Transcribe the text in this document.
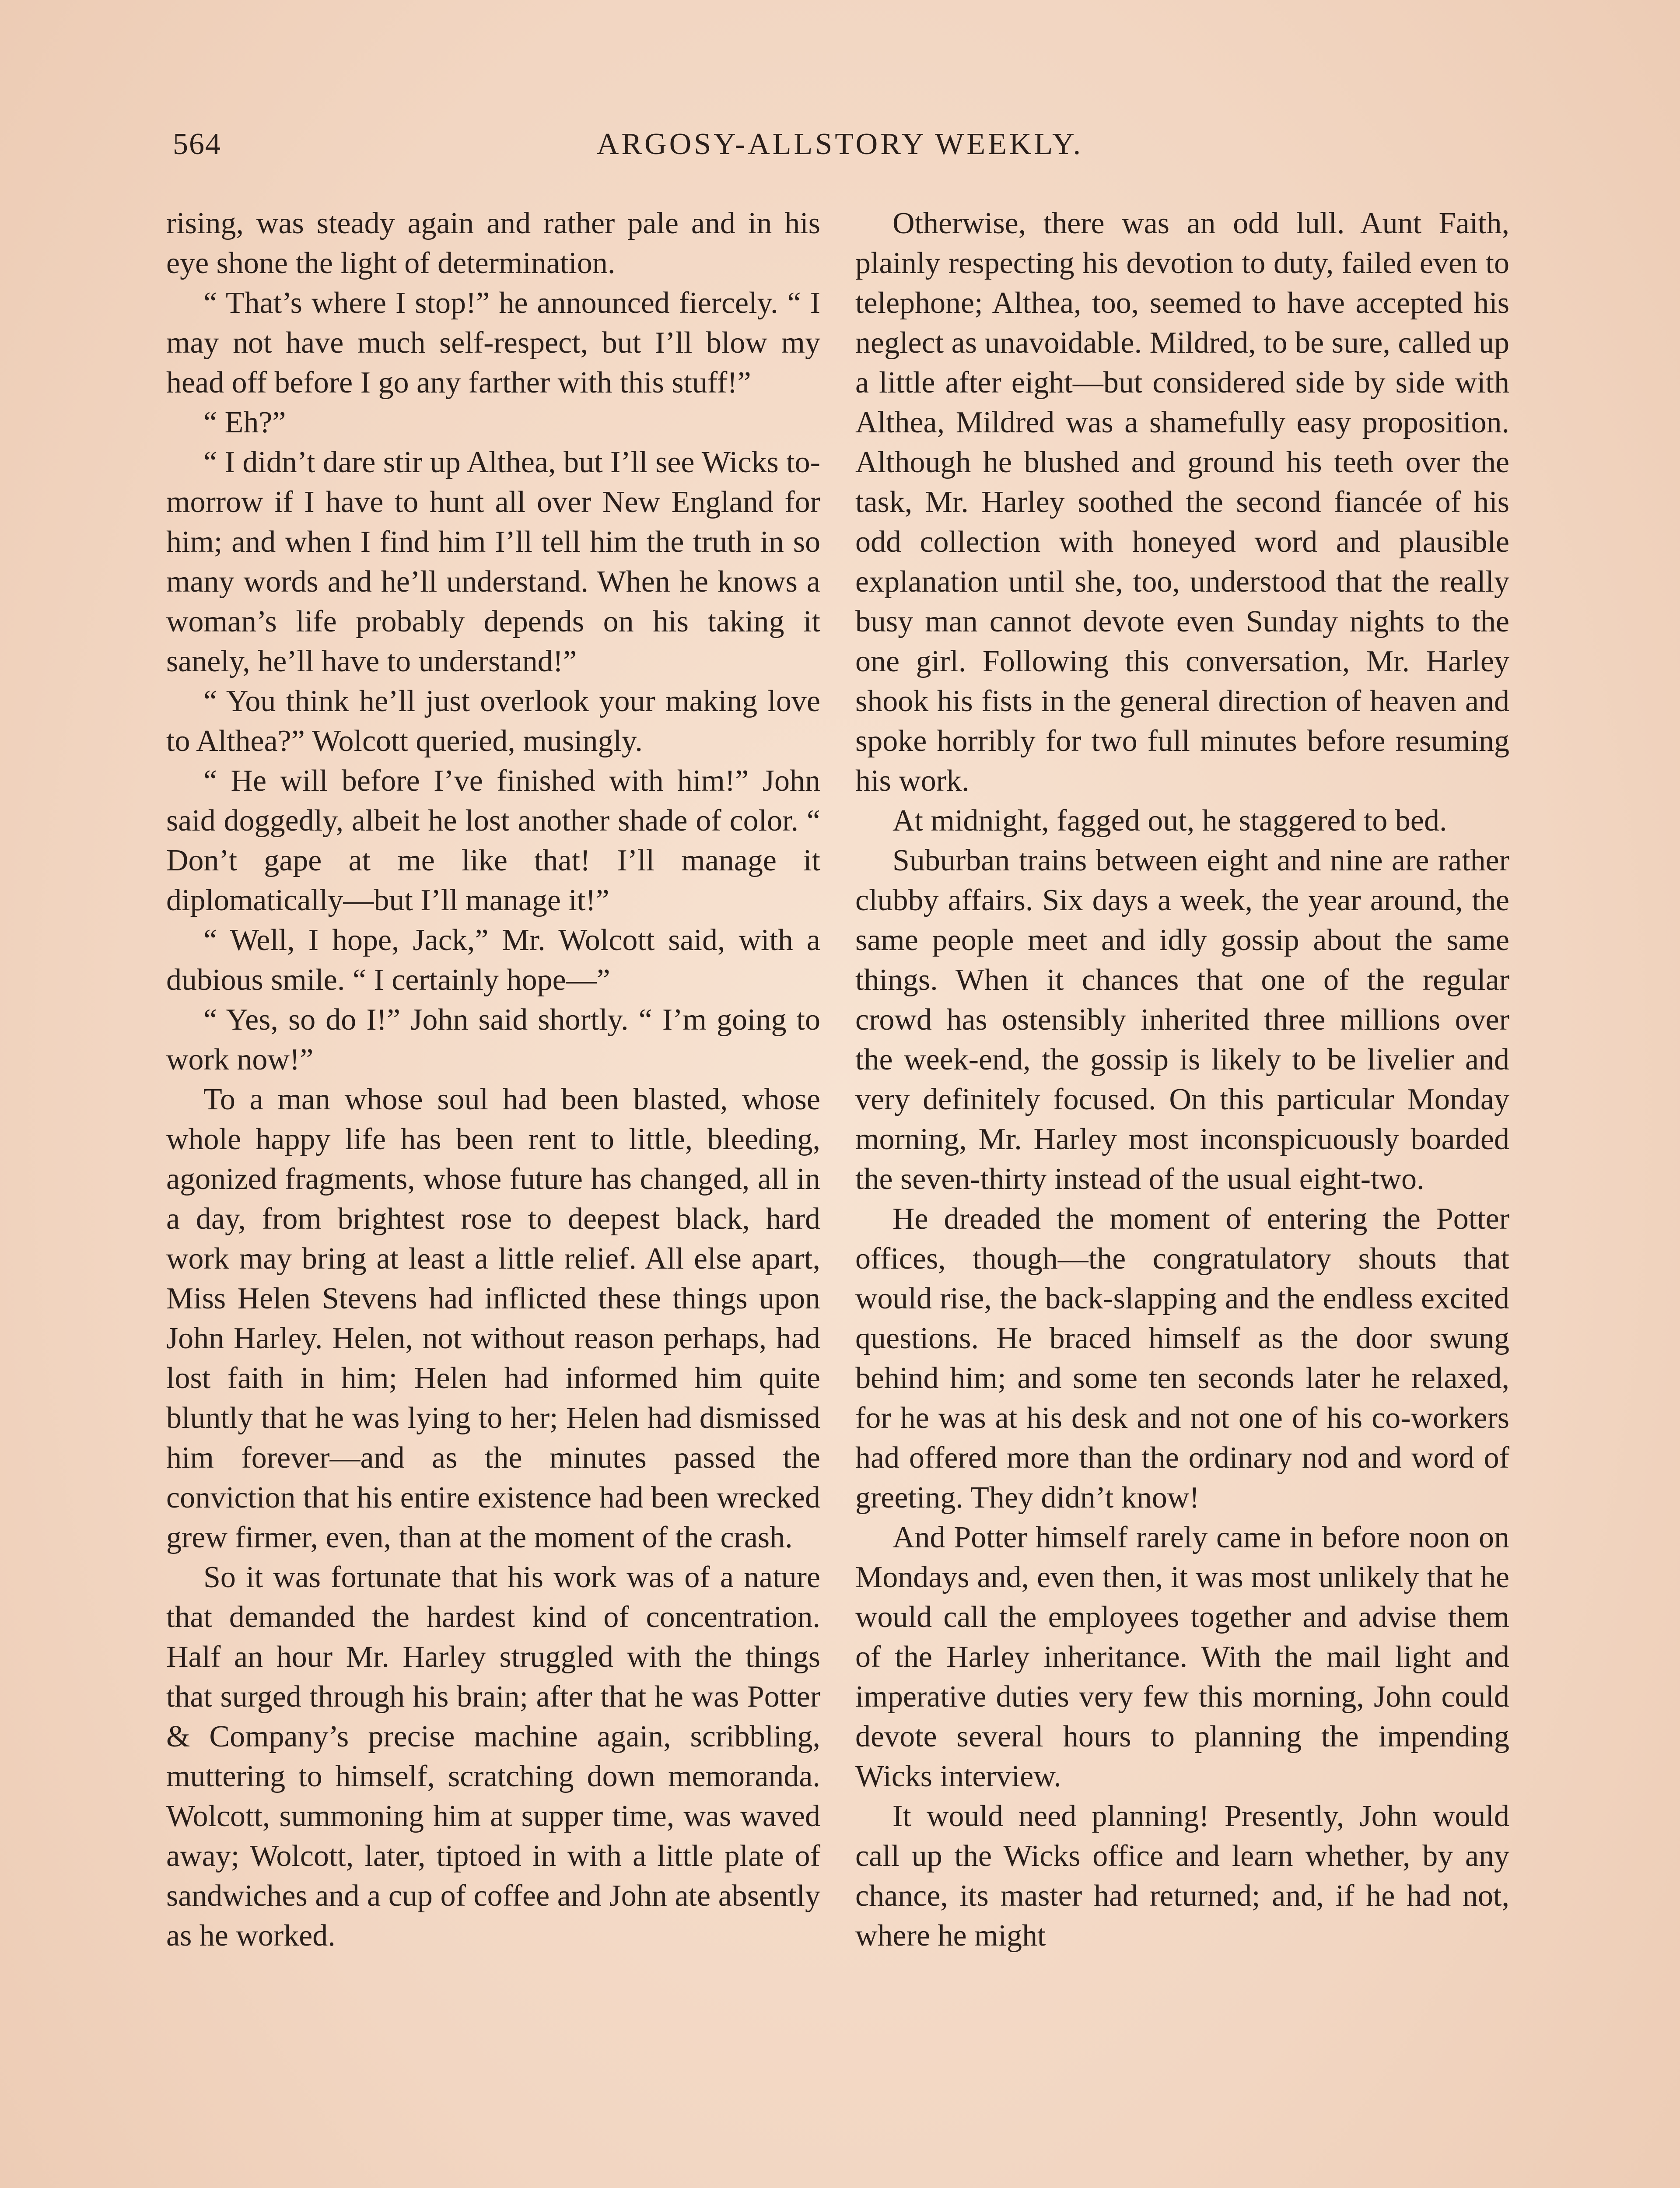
564	ARGOSY-ALLSTORY WEEKLY.

rising, was steady again and rather pale and in his eye shone the light of determination.

“ That’s where I stop!” he announced fiercely. “ I may not have much self-respect, but I’ll blow my head off before I go any farther with this stuff!”

“ Eh?”

“ I didn’t dare stir up Althea, but I’ll see Wicks to-morrow if I have to hunt all over New England for him; and when I find him I’ll tell him the truth in so many words and he’ll understand. When he knows a woman’s life probably depends on his taking it sanely, he’ll have to understand!”

“ You think he’ll just overlook your making love to Althea?” Wolcott queried, musingly.

“ He will before I’ve finished with him!” John said doggedly, albeit he lost another shade of color. “ Don’t gape at me like that! I’ll manage it diplomatically—but I’ll manage it!”

“ Well, I hope, Jack,” Mr. Wolcott said, with a dubious smile. “ I certainly hope—”

“ Yes, so do I!” John said shortly. “ I’m going to work now!”

To a man whose soul had been blasted, whose whole happy life has been rent to little, bleeding, agonized fragments, whose future has changed, all in a day, from brightest rose to deepest black, hard work may bring at least a little relief. All else apart, Miss Helen Stevens had inflicted these things upon John Harley. Helen, not without reason perhaps, had lost faith in him; Helen had informed him quite bluntly that he was lying to her; Helen had dismissed him forever—and as the minutes passed the conviction that his entire existence had been wrecked grew firmer, even, than at the moment of the crash.

So it was fortunate that his work was of a nature that demanded the hardest kind of concentration. Half an hour Mr. Harley struggled with the things that surged through his brain; after that he was Potter & Company’s precise machine again, scribbling, muttering to himself, scratching down memoranda. Wolcott, summoning him at supper time, was waved away; Wolcott, later, tiptoed in with a little plate of sandwiches and a cup of coffee and John ate absently as he worked.

Otherwise, there was an odd lull. Aunt Faith, plainly respecting his devotion to duty, failed even to telephone; Althea, too, seemed to have accepted his neglect as unavoidable. Mildred, to be sure, called up a little after eight—but considered side by side with Althea, Mildred was a shamefully easy proposition. Although he blushed and ground his teeth over the task, Mr. Harley soothed the second fiancée of his odd collection with honeyed word and plausible explanation until she, too, understood that the really busy man cannot devote even Sunday nights to the one girl. Following this conversation, Mr. Harley shook his fists in the general direction of heaven and spoke horribly for two full minutes before resuming his work.

At midnight, fagged out, he staggered to bed.

Suburban trains between eight and nine are rather clubby affairs. Six days a week, the year around, the same people meet and idly gossip about the same things. When it chances that one of the regular crowd has ostensibly inherited three millions over the week-end, the gossip is likely to be livelier and very definitely focused. On this particular Monday morning, Mr. Harley most inconspicuously boarded the seven-thirty instead of the usual eight-two.

He dreaded the moment of entering the Potter offices, though—the congratulatory shouts that would rise, the back-slapping and the endless excited questions. He braced himself as the door swung behind him; and some ten seconds later he relaxed, for he was at his desk and not one of his co-workers had offered more than the ordinary nod and word of greeting. They didn’t know!

And Potter himself rarely came in before noon on Mondays and, even then, it was most unlikely that he would call the employees together and advise them of the Harley inheritance. With the mail light and imperative duties very few this morning, John could devote several hours to planning the impending Wicks interview.

It would need planning! Presently, John would call up the Wicks office and learn whether, by any chance, its master had returned; and, if he had not, where he might
